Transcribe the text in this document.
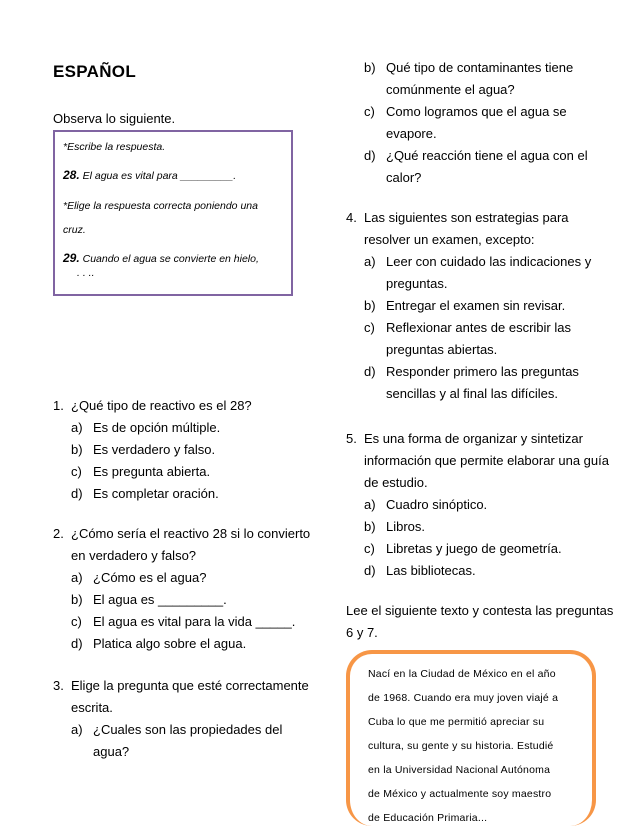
ESPAÑOL
Observa lo siguiente.
*Escribe la respuesta.
28. El agua es vital para _________.
*Elige la respuesta correcta poniendo una
cruz.
29. Cuando el agua se convierte en hielo,
. . ..
1. ¿Qué tipo de reactivo es el 28?
a) Es de opción múltiple.
b) Es verdadero y falso.
c) Es pregunta abierta.
d) Es completar oración.
2. ¿Cómo sería el reactivo 28 si lo convierto
en verdadero y falso?
a) ¿Cómo es el agua?
b) El agua es _________.
c) El agua es vital para la vida _____.
d) Platica algo sobre el agua.
3. Elige la pregunta que esté correctamente
escrita.
a) ¿Cuales son las propiedades del
agua?
b) Qué tipo de contaminantes tiene
comúnmente el agua?
c) Como logramos que el agua se
evapore.
d) ¿Qué reacción tiene el agua con el
calor?
4. Las siguientes son estrategias para
resolver un examen, excepto:
a) Leer con cuidado las indicaciones y
preguntas.
b) Entregar el examen sin revisar.
c) Reflexionar antes de escribir las
preguntas abiertas.
d) Responder primero las preguntas
sencillas y al final las difíciles.
5. Es una forma de organizar y sintetizar
información que permite elaborar una guía
de estudio.
a) Cuadro sinóptico.
b) Libros.
c) Libretas y juego de geometría.
d) Las bibliotecas.
Lee el siguiente texto y contesta las preguntas
6 y 7.
Nací en la Ciudad de México en el año
de 1968. Cuando era muy joven viajé a
Cuba lo que me permitió apreciar su
cultura, su gente y su historia. Estudié
en la Universidad Nacional Autónoma
de México y actualmente soy maestro
de Educación Primaria...
